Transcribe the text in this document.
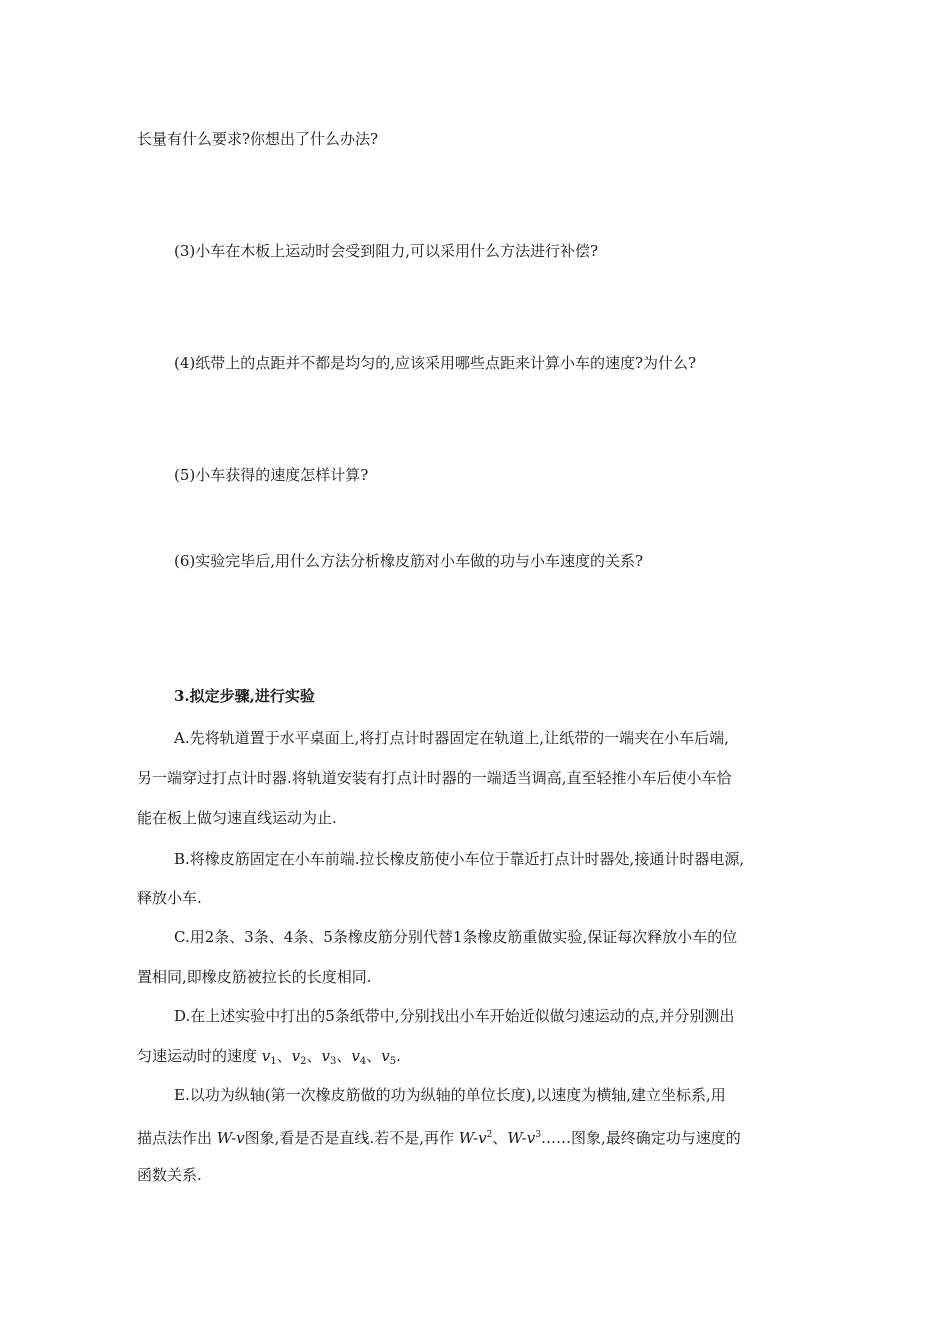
长量有什么要求?你想出了什么办法?
(3)小车在木板上运动时会受到阻力,可以采用什么方法进行补偿?
(4)纸带上的点距并不都是均匀的,应该采用哪些点距来计算小车的速度?为什么?
(5)小车获得的速度怎样计算?
(6)实验完毕后,用什么方法分析橡皮筋对小车做的功与小车速度的关系?
3.拟定步骤,进行实验
A.先将轨道置于水平桌面上,将打点计时器固定在轨道上,让纸带的一端夹在小车后端,
另一端穿过打点计时器.将轨道安装有打点计时器的一端适当调高,直至轻推小车后使小车恰
能在板上做匀速直线运动为止.
B.将橡皮筋固定在小车前端.拉长橡皮筋使小车位于靠近打点计时器处,接通计时器电源,
释放小车.
C.用2条、3条、4条、5条橡皮筋分别代替1条橡皮筋重做实验,保证每次释放小车的位
置相同,即橡皮筋被拉长的长度相同.
D.在上述实验中打出的5条纸带中,分别找出小车开始近似做匀速运动的点,并分别测出
匀速运动时的速度 $v_1$、$v_2$、$v_3$、$v_4$、$v_5$.
E.以功为纵轴(第一次橡皮筋做的功为纵轴的单位长度),以速度为横轴,建立坐标系,用
描点法作出 W-v图象,看是否是直线.若不是,再作 $W-v^2$、$W-v^3\dots\dots$图象,最终确定功与速度的
函数关系.
